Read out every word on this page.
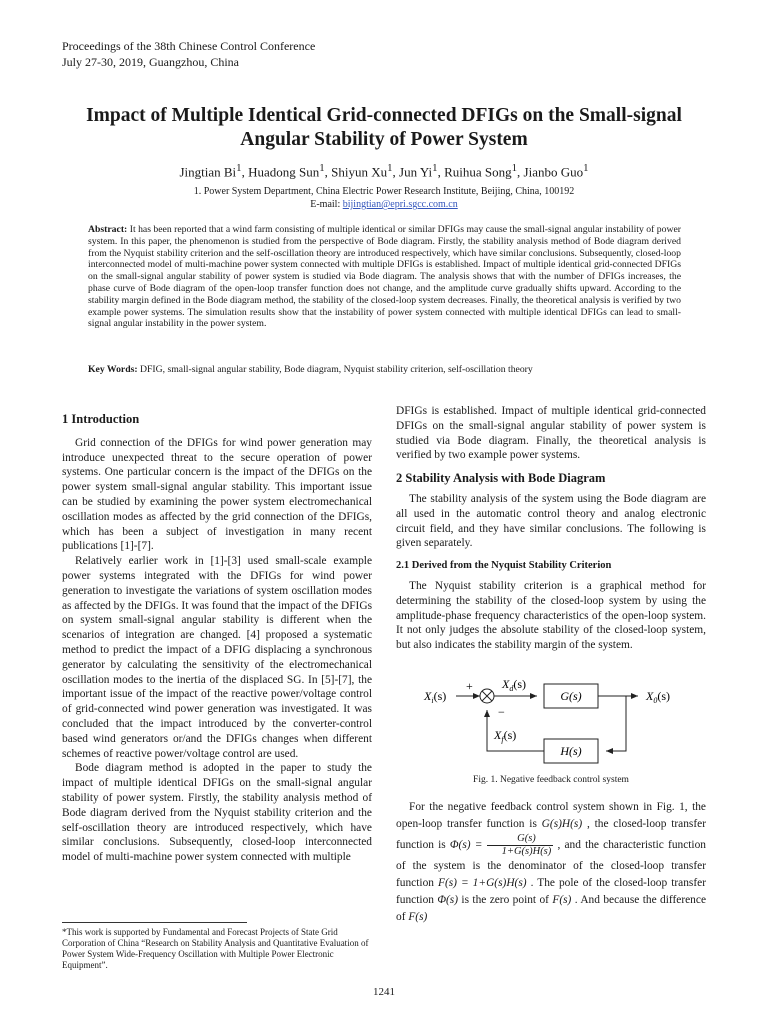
Proceedings of the 38th Chinese Control Conference
July 27-30, 2019, Guangzhou, China
Impact of Multiple Identical Grid-connected DFIGs on the Small-signal
Angular Stability of Power System
Jingtian Bi$^1$, Huadong Sun$^1$, Shiyun Xu$^1$, Jun Yi$^1$, Ruihua Song$^1$, Jianbo Guo$^1$
1. Power System Department, China Electric Power Research Institute, Beijing, China, 100192
E-mail: bijingtian@epri.sgcc.com.cn
Abstract: It has been reported that a wind farm consisting of multiple identical or similar DFIGs may cause the small-signal angular instability of power system. In this paper, the phenomenon is studied from the perspective of Bode diagram. Firstly, the stability analysis method of Bode diagram derived from the Nyquist stability criterion and the self-oscillation theory are introduced respectively, which have similar conclusions. Subsequently, closed-loop interconnected model of multi-machine power system connected with multiple DFIGs is established. Impact of multiple identical grid-connected DFIGs on the small-signal angular stability of power system is studied via Bode diagram. The analysis shows that with the number of DFIGs increases, the phase curve of Bode diagram of the open-loop transfer function does not change, and the amplitude curve gradually shifts upward. According to the stability margin defined in the Bode diagram method, the stability of the closed-loop system decreases. Finally, the theoretical analysis is verified by two example power systems. The simulation results show that the instability of power system connected with multiple identical DFIGs can lead to small-signal angular instability in the power system.
Key Words: DFIG, small-signal angular stability, Bode diagram, Nyquist stability criterion, self-oscillation theory
1 Introduction

Grid connection of the DFIGs for wind power generation may introduce unexpected threat to the secure operation of power systems. One particular concern is the impact of the DFIGs on the power system small-signal angular stability. This important issue can be studied by examining the power system electromechanical oscillation modes as affected by the grid connection of the DFIGs, which has been a subject of investigation in many recent publications [1]-[7].

Relatively earlier work in [1]-[3] used small-scale example power systems integrated with the DFIGs for wind power generation to investigate the variations of system oscillation modes as affected by the DFIGs. It was found that the impact of the DFIGs on system small-signal angular stability is different when the scenarios of integration are changed. [4] proposed a systematic method to predict the impact of a DFIG displacing a synchronous generator by calculating the sensitivity of the electromechanical oscillation modes to the inertia of the displaced SG. In [5]-[7], the important issue of the impact of the reactive power/voltage control of grid-connected wind power generation was investigated. It was concluded that the impact introduced by the converter-control based wind generators or/and the DFIGs changes when different schemes of reactive power/voltage control are used.

Bode diagram method is adopted in the paper to study the impact of multiple identical DFIGs on the small-signal angular stability of power system. Firstly, the stability analysis method of Bode diagram derived from the Nyquist stability criterion and the self-oscillation theory are introduced respectively, which have similar conclusions. Subsequently, closed-loop interconnected model of multi-machine power system connected with multiple

*This work is supported by Fundamental and Forecast Projects of State Grid Corporation of China “Research on Stability Analysis and Quantitative Evaluation of Power System Wide-Frequency Oscillation with Multiple Power Electronic Equipment”.

DFIGs is established. Impact of multiple identical grid-connected DFIGs on the small-signal angular stability of power system is studied via Bode diagram. Finally, the theoretical analysis is verified by two example power systems.

2 Stability Analysis with Bode Diagram

The stability analysis of the system using the Bode diagram are all used in the automatic control theory and analog electronic circuit field, and they have similar conclusions. The following is given separately.

2.1 Derived from the Nyquist Stability Criterion

The Nyquist stability criterion is a graphical method for determining the stability of the closed-loop system by using the amplitude-phase frequency characteristics of the open-loop system. It not only judges the absolute stability of the closed-loop system, but also indicates the stability margin of the system.

$X_i(s)$
+
−
$X_d(s)$
G(s)	$X_0(s)$
H(s)
$X_f(s)$
Fig. 1. Negative feedback control system

For the negative feedback control system shown in Fig. 1, the open-loop transfer function is G(s)H(s) , the closed-loop transfer function is $\Phi(s) = \frac{G(s)}{1+G(s)H(s)}$ , and the characteristic function of the system is the denominator of the closed-loop transfer function F(s) = 1+G(s)H(s) . The pole of the closed-loop transfer function Φ(s) is the zero point of F(s) . And because the difference of F(s)

1241
